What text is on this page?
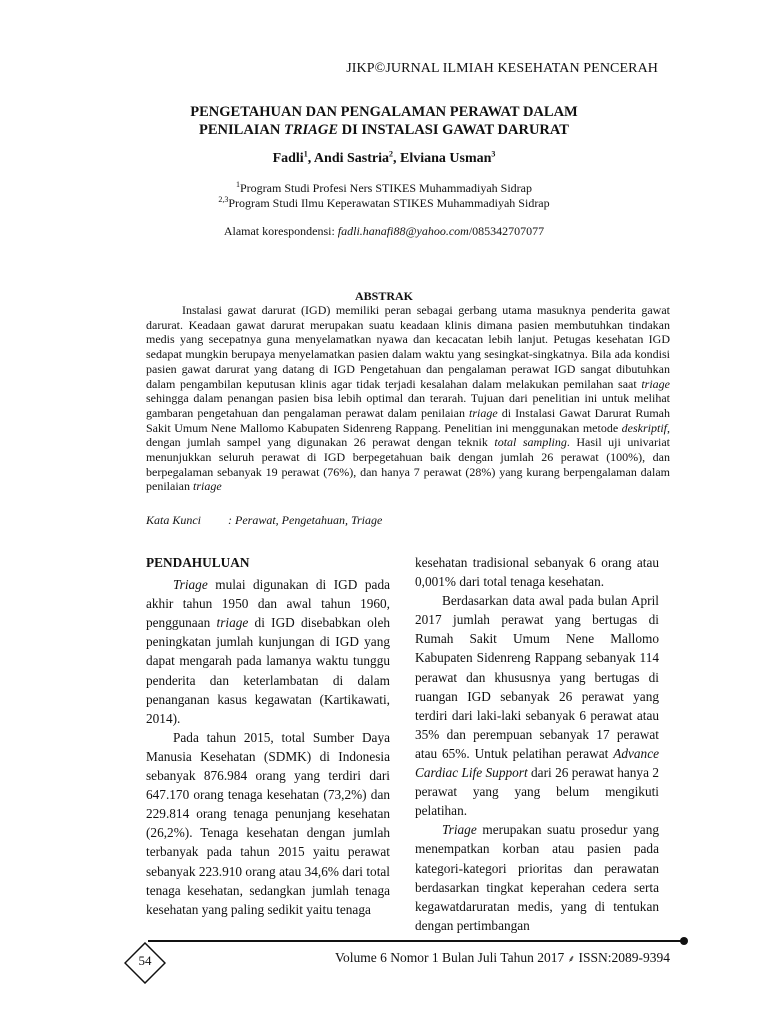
JIKP©JURNAL ILMIAH KESEHATAN PENCERAH
PENGETAHUAN DAN PENGALAMAN PERAWAT DALAM
PENILAIAN TRIAGE DI INSTALASI GAWAT DARURAT
Fadli$^1$, Andi Sastria$^2$, Elviana Usman$^3$
$^1$Program Studi Profesi Ners STIKES Muhammadiyah Sidrap
$^{2,3}$Program Studi Ilmu Keperawatan STIKES Muhammadiyah Sidrap
Alamat korespondensi: fadli.hanafi88@yahoo.com/085342707077
ABSTRAK

Instalasi gawat darurat (IGD) memiliki peran sebagai gerbang utama masuknya penderita gawat darurat. Keadaan gawat darurat merupakan suatu keadaan klinis dimana pasien membutuhkan tindakan medis yang secepatnya guna menyelamatkan nyawa dan kecacatan lebih lanjut. Petugas kesehatan IGD sedapat mungkin berupaya menyelamatkan pasien dalam waktu yang sesingkat-singkatnya. Bila ada kondisi pasien gawat darurat yang datang di IGD Pengetahuan dan pengalaman perawat IGD sangat dibutuhkan dalam pengambilan keputusan klinis agar tidak terjadi kesalahan dalam melakukan pemilahan saat triage sehingga dalam penangan pasien bisa lebih optimal dan terarah. Tujuan dari penelitian ini untuk melihat gambaran pengetahuan dan pengalaman perawat dalam penilaian triage di Instalasi Gawat Darurat Rumah Sakit Umum Nene Mallomo Kabupaten Sidenreng Rappang. Penelitian ini menggunakan metode deskriptif, dengan jumlah sampel yang digunakan 26 perawat dengan teknik total sampling. Hasil uji univariat menunjukkan seluruh perawat di IGD berpegetahuan baik dengan jumlah 26 perawat (100%), dan berpegalaman sebanyak 19 perawat (76%), dan hanya 7 perawat (28%) yang kurang berpengalaman dalam penilaian triage

Kata Kunci : Perawat, Pengetahuan, Triage
PENDAHULUAN

Triage mulai digunakan di IGD pada akhir tahun 1950 dan awal tahun 1960, penggunaan triage di IGD disebabkan oleh peningkatan jumlah kunjungan di IGD yang dapat mengarah pada lamanya waktu tunggu penderita dan keterlambatan di dalam penanganan kasus kegawatan (Kartikawati, 2014).

Pada tahun 2015, total Sumber Daya Manusia Kesehatan (SDMK) di Indonesia sebanyak 876.984 orang yang terdiri dari 647.170 orang tenaga kesehatan (73,2%) dan 229.814 orang tenaga penunjang kesehatan (26,2%). Tenaga kesehatan dengan jumlah terbanyak pada tahun 2015 yaitu perawat sebanyak 223.910 orang atau 34,6% dari total tenaga kesehatan, sedangkan jumlah tenaga kesehatan yang paling sedikit yaitu tenaga

kesehatan tradisional sebanyak 6 orang atau 0,001% dari total tenaga kesehatan.

Berdasarkan data awal pada bulan April 2017 jumlah perawat yang bertugas di Rumah Sakit Umum Nene Mallomo Kabupaten Sidenreng Rappang sebanyak 114 perawat dan khususnya yang bertugas di ruangan IGD sebanyak 26 perawat yang terdiri dari laki-laki sebanyak 6 perawat atau 35% dan perempuan sebanyak 17 perawat atau 65%. Untuk pelatihan perawat Advance Cardiac Life Support dari 26 perawat hanya 2 perawat yang yang belum mengikuti pelatihan.

Triage merupakan suatu prosedur yang menempatkan korban atau pasien pada kategori-kategori prioritas dan perawatan berdasarkan tingkat keperahan cedera serta kegawatdaruratan medis, yang di tentukan dengan pertimbangan

54	Volume 6 Nomor 1 Bulan Juli Tahun 2017 ⸙ ISSN:2089-9394
